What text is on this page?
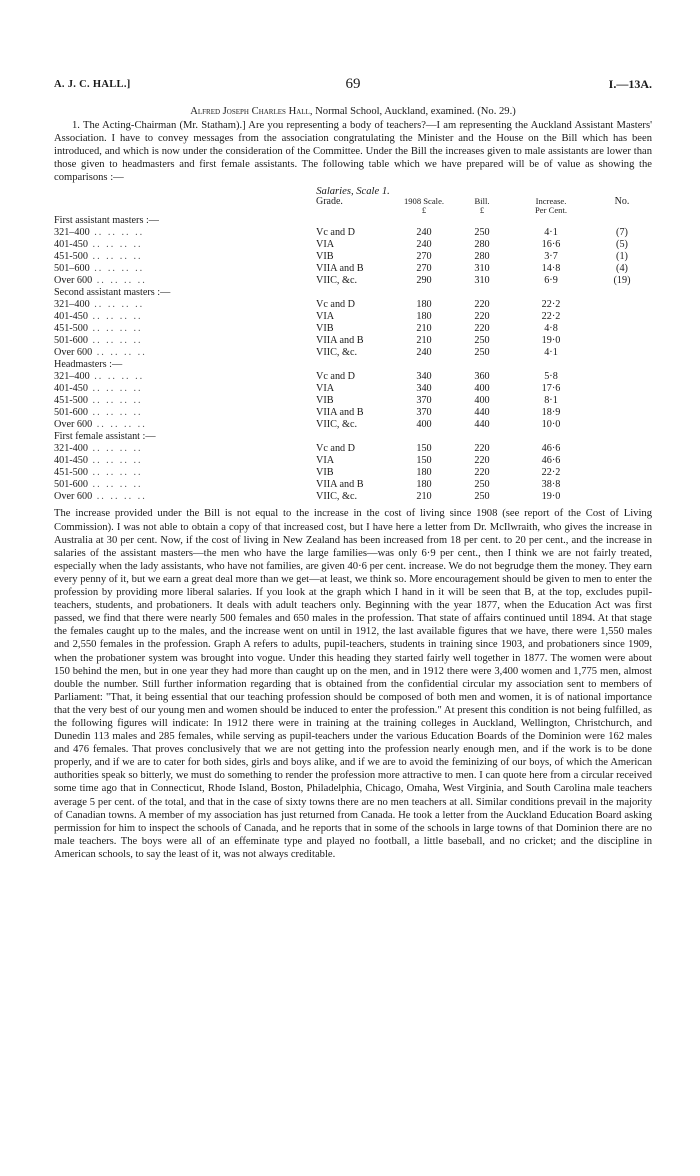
A. J. C. HALL.]	69	I.—13A.
Alfred Joseph Charles Hall, Normal School, Auckland, examined. (No. 29.)

1. The Acting-Chairman (Mr. Statham).] Are you representing a body of teachers?—I am representing the Auckland Assistant Masters' Association. I have to convey messages from the association congratulating the Minister and the House on the Bill which has been introduced, and which is now under the consideration of the Committee. Under the Bill the increases given to male assistants are lower than those given to headmasters and first female assistants. The following table which we have prepared will be of value as showing the comparisons :—

Salaries, Scale 1.
	Grade.	1908 Scale.	Bill.	Increase.	No.
		£	£	Per Cent.	
First assistant masters :—					
321–400 .. .. .. ..	Vc and D	240	250	4·1	(7)
401-450 .. .. .. ..	VIA	240	280	16·6	(5)
451-500 .. .. .. ..	VIB	270	280	3·7	(1)
501–600 .. .. .. ..	VIIA and B	270	310	14·8	(4)
Over 600 .. .. .. ..	VIIC, &c.	290	310	6·9	(19)
Second assistant masters :—					
321–400 .. .. .. ..	Vc and D	180	220	22·2	
401-450 .. .. .. ..	VIA	180	220	22·2	
451-500 .. .. .. ..	VIB	210	220	4·8	
501-600 .. .. .. ..	VIIA and B	210	250	19·0	
Over 600 .. .. .. ..	VIIC, &c.	240	250	4·1	
Headmasters :—					
321–400 .. .. .. ..	Vc and D	340	360	5·8	
401-450 .. .. .. ..	VIA	340	400	17·6	
451-500 .. .. .. ..	VIB	370	400	8·1	
501-600 .. .. .. ..	VIIA and B	370	440	18·9	
Over 600 .. .. .. ..	VIIC, &c.	400	440	10·0	
First female assistant :—					
321-400 .. .. .. ..	Vc and D	150	220	46·6	
401-450 .. .. .. ..	VIA	150	220	46·6	
451-500 .. .. .. ..	VIB	180	220	22·2	
501-600 .. .. .. ..	VIIA and B	180	250	38·8	
Over 600 .. .. .. ..	VIIC, &c.	210	250	19·0	

The increase provided under the Bill is not equal to the increase in the cost of living since 1908 (see report of the Cost of Living Commission). I was not able to obtain a copy of that increased cost, but I have here a letter from Dr. McIlwraith, who gives the increase in Australia at 30 per cent. Now, if the cost of living in New Zealand has been increased from 18 per cent. to 20 per cent., and the increase in salaries of the assistant masters—the men who have the large families—was only 6·9 per cent., then I think we are not fairly treated, especially when the lady assistants, who have not families, are given 40·6 per cent. increase. We do not begrudge them the money. They earn every penny of it, but we earn a great deal more than we get—at least, we think so. More encouragement should be given to men to enter the profession by providing more liberal salaries. If you look at the graph which I hand in it will be seen that B, at the top, excludes pupil-teachers, students, and probationers. It deals with adult teachers only. Beginning with the year 1877, when the Education Act was first passed, we find that there were nearly 500 females and 650 males in the profession. That state of affairs continued until 1894. At that stage the females caught up to the males, and the increase went on until in 1912, the last available figures that we have, there were 1,550 males and 2,550 females in the profession. Graph A refers to adults, pupil-teachers, students in training since 1903, and probationers since 1909, when the probationer system was brought into vogue. Under this heading they started fairly well together in 1877. The women were about 150 behind the men, but in one year they had more than caught up on the men, and in 1912 there were 3,400 women and 1,775 men, almost double the number. Still further information regarding that is obtained from the confidential circular my association sent to members of Parliament: "That, it being essential that our teaching profession should be composed of both men and women, it is of national importance that the very best of our young men and women should be induced to enter the profession." At present this condition is not being fulfilled, as the following figures will indicate: In 1912 there were in training at the training colleges in Auckland, Wellington, Christchurch, and Dunedin 113 males and 285 females, while serving as pupil-teachers under the various Education Boards of the Dominion were 162 males and 476 females. That proves conclusively that we are not getting into the profession nearly enough men, and if the work is to be done properly, and if we are to cater for both sides, girls and boys alike, and if we are to avoid the feminizing of our boys, of which the American authorities speak so bitterly, we must do something to render the profession more attractive to men. I can quote here from a circular received some time ago that in Connecticut, Rhode Island, Boston, Philadelphia, Chicago, Omaha, West Virginia, and South Carolina male teachers average 5 per cent. of the total, and that in the case of sixty towns there are no men teachers at all. Similar conditions prevail in the majority of Canadian towns. A member of my association has just returned from Canada. He took a letter from the Auckland Education Board asking permission for him to inspect the schools of Canada, and he reports that in some of the schools in large towns of that Dominion there are no male teachers. The boys were all of an effeminate type and played no football, a little baseball, and no cricket; and the discipline in American schools, to say the least of it, was not always creditable.
